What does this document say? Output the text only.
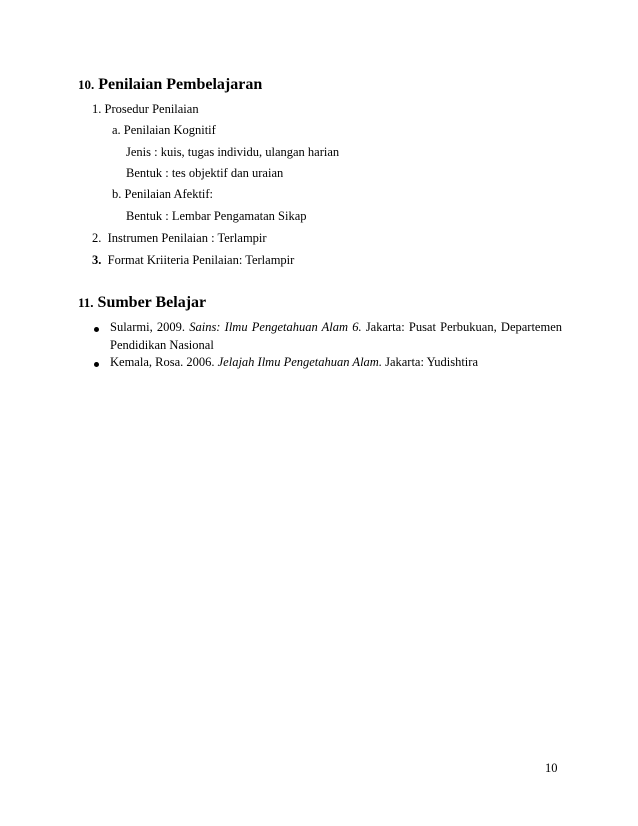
10. Penilaian Pembelajaran
1. Prosedur Penilaian
a. Penilaian Kognitif
Jenis : kuis, tugas individu, ulangan harian
Bentuk : tes objektif dan uraian
b. Penilaian Afektif:
Bentuk : Lembar Pengamatan Sikap
2. Instrumen Penilaian : Terlampir
3. Format Kriiteria Penilaian: Terlampir
11. Sumber Belajar
Sularmi, 2009. Sains: Ilmu Pengetahuan Alam 6. Jakarta: Pusat Perbukuan, Departemen
Pendidikan Nasional
Kemala, Rosa. 2006. Jelajah Ilmu Pengetahuan Alam. Jakarta: Yudishtira
10
